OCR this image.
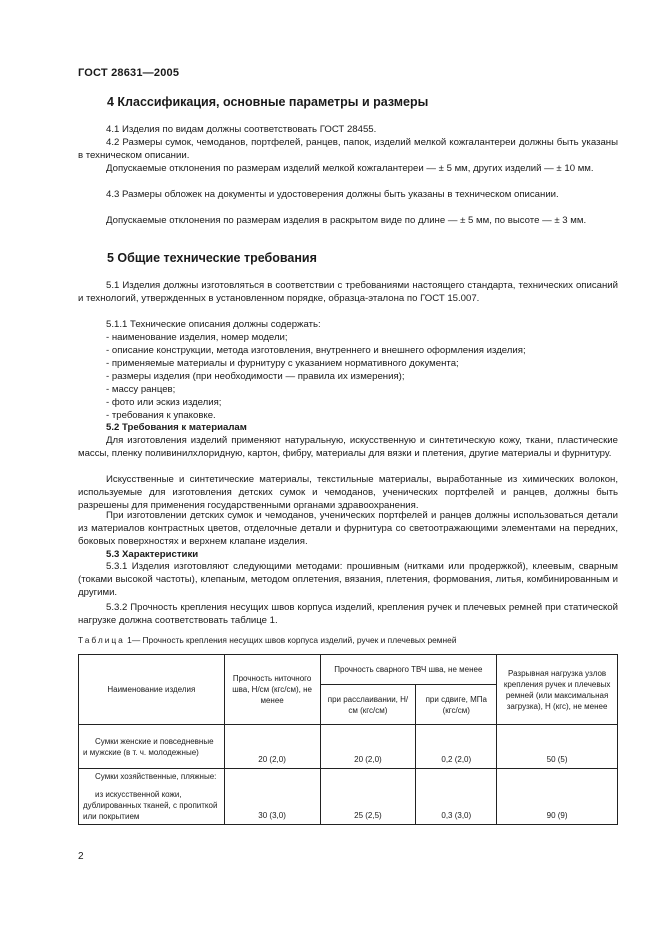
ГОСТ 28631—2005
4 Классификация, основные параметры и размеры
4.1 Изделия по видам должны соответствовать ГОСТ 28455.
4.2 Размеры сумок, чемоданов, портфелей, ранцев, папок, изделий мелкой кожгалантереи должны быть указаны в техническом описании.
Допускаемые отклонения по размерам изделий мелкой кожгалантереи — ± 5 мм, других изделий — ± 10 мм.
4.3 Размеры обложек на документы и удостоверения должны быть указаны в техническом описании.
Допускаемые отклонения по размерам изделия в раскрытом виде по длине — ± 5 мм, по высоте — ± 3 мм.
5 Общие технические требования
5.1 Изделия должны изготовляться в соответствии с требованиями настоящего стандарта, технических описаний и технологий, утвержденных в установленном порядке, образца-эталона по ГОСТ 15.007.
5.1.1 Технические описания должны содержать:
- наименование изделия, номер модели;
- описание конструкции, метода изготовления, внутреннего и внешнего оформления изделия;
- применяемые материалы и фурнитуру с указанием нормативного документа;
- размеры изделия (при необходимости — правила их измерения);
- массу ранцев;
- фото или эскиз изделия;
- требования к упаковке.
5.2 Требования к материалам
Для изготовления изделий применяют натуральную, искусственную и синтетическую кожу, ткани, пластические массы, пленку поливинилхлоридную, картон, фибру, материалы для вязки и плетения, другие материалы и фурнитуру.
Искусственные и синтетические материалы, текстильные материалы, выработанные из химических волокон, используемые для изготовления детских сумок и чемоданов, ученических портфелей и ранцев, должны быть разрешены для применения государственными органами здравоохранения.
При изготовлении детских сумок и чемоданов, ученических портфелей и ранцев должны использоваться детали из материалов контрастных цветов, отделочные детали и фурнитура со светоотражающими элементами на передних, боковых поверхностях и верхнем клапане изделия.
5.3 Характеристики
5.3.1 Изделия изготовляют следующими методами: прошивным (нитками или продержкой), клеевым, сварным (токами высокой частоты), клепаным, методом оплетения, вязания, плетения, формования, литья, комбинированным и другими.
5.3.2 Прочность крепления несущих швов корпуса изделий, крепления ручек и плечевых ремней при статической нагрузке должна соответствовать таблице 1.
Таблица 1— Прочность крепления несущих швов корпуса изделий, ручек и плечевых ремней
Наименование изделия	Прочность ниточного шва, Н/см (кгс/см), не менее	Прочность сварного ТВЧ шва, не менее		Разрывная нагрузка узлов крепления ручек и плечевых ремней (или максимальная загрузка), Н (кгс), не менее
		при расслаивании, Н/см (кгс/см)	при сдвиге, МПа (кгс/см)	

Сумки женские и повседневные и мужские (в т. ч. молодежные)	20 (2,0)	20 (2,0)	0,2 (2,0)	50 (5)

Сумки хозяйственные, пляжные:

из искусственной кожи, дублированных тканей, с пропиткой или покрытием	30 (3,0)	25 (2,5)	0,3 (3,0)	90 (9)
2
